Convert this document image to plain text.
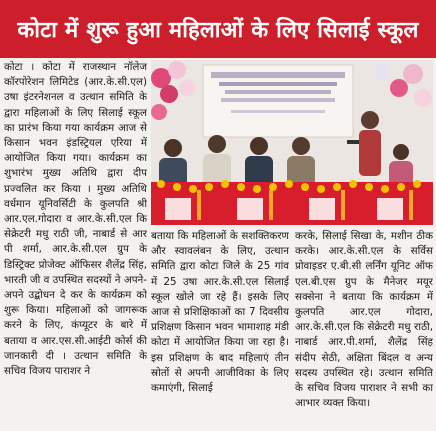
कोटा में शुरू हुआ महिलाओं के लिए सिलाई स्कूल

कोटा । कोटा में राजस्थान नॉलेज कॉरपोरेशन लिमिटेड (आर.के.सी.एल) उषा इंटरनेशनल व उत्थान समिति के द्वारा महिलाओं के लिए सिलाई स्कूल का प्रारंभ किया गया कार्यक्रम आज से किसान भवन इंडस्ट्रियल एरिया में आयोजित किया गया। कार्यक्रम का शुभारंभ मुख्य अतिथि द्वारा दीप प्रज्वलित कर किया । मुख्य अतिथि वर्धमान यूनिवर्सिटी के कुलपति श्री आर.एल.गोदारा व आर.के.सी.एल कि सेक्रेटरी मधु राठी जी, नाबार्ड से आर पी शर्मा, आर.के.सी.एल ग्रुप के डिस्ट्रिक्ट प्रोजेक्ट ऑफिसर शैलेंद्र सिंह, भारती जी व उपस्थित सदस्यों ने अपने-अपने उद्बोधन दे कर के कार्यक्रम को शुरू किया। महिलाओं को जागरूक करने के लिए, कंप्यूटर के बारे में बताया व आर.एस.सी.आईटी कोर्स की जानकारी दी । उत्थान समिति के सचिव विजय पाराशर ने

बताया कि महिलाओं के सशक्तिकरण और स्वावलंबन के लिए, उत्थान समिति द्वारा कोटा जिले के 25 गांव में 25 उषा आर.के.सी.एल सिलाई स्कूल खोले जा रहे हैं। इसके लिए आज से प्रशिक्षिकाओं का 7 दिवसीय प्रशिक्षण किसान भवन भामाशाह मंडी कोटा में आयोजित किया जा रहा है। इस प्रशिक्षण के बाद महिलाएं तीन स्रोतों से अपनी आजीविका के लिए कमाएंगी, सिलाई

करके, सिलाई सिखा के, मशीन ठीक करके। आर.के.सी.एल के सर्विस प्रोवाइडर ए.बी.सी लर्निंग यूनिट ऑफ एल.बी.एस ग्रुप के मैनेजर मयूर सक्सेना ने बताया कि कार्यक्रम में कुलपति आर.एल गोदारा, आर.के.सी.एल कि सेक्रेटरी मधु राठी, नाबार्ड आर.पी.शर्मा, शैलेंद्र सिंह संदीप सेठी, अक्षिता बिंदल व अन्य सदस्य उपस्थित रहे। उत्थान समिति के सचिव विजय पाराशर ने सभी का आभार व्यक्त किया।
